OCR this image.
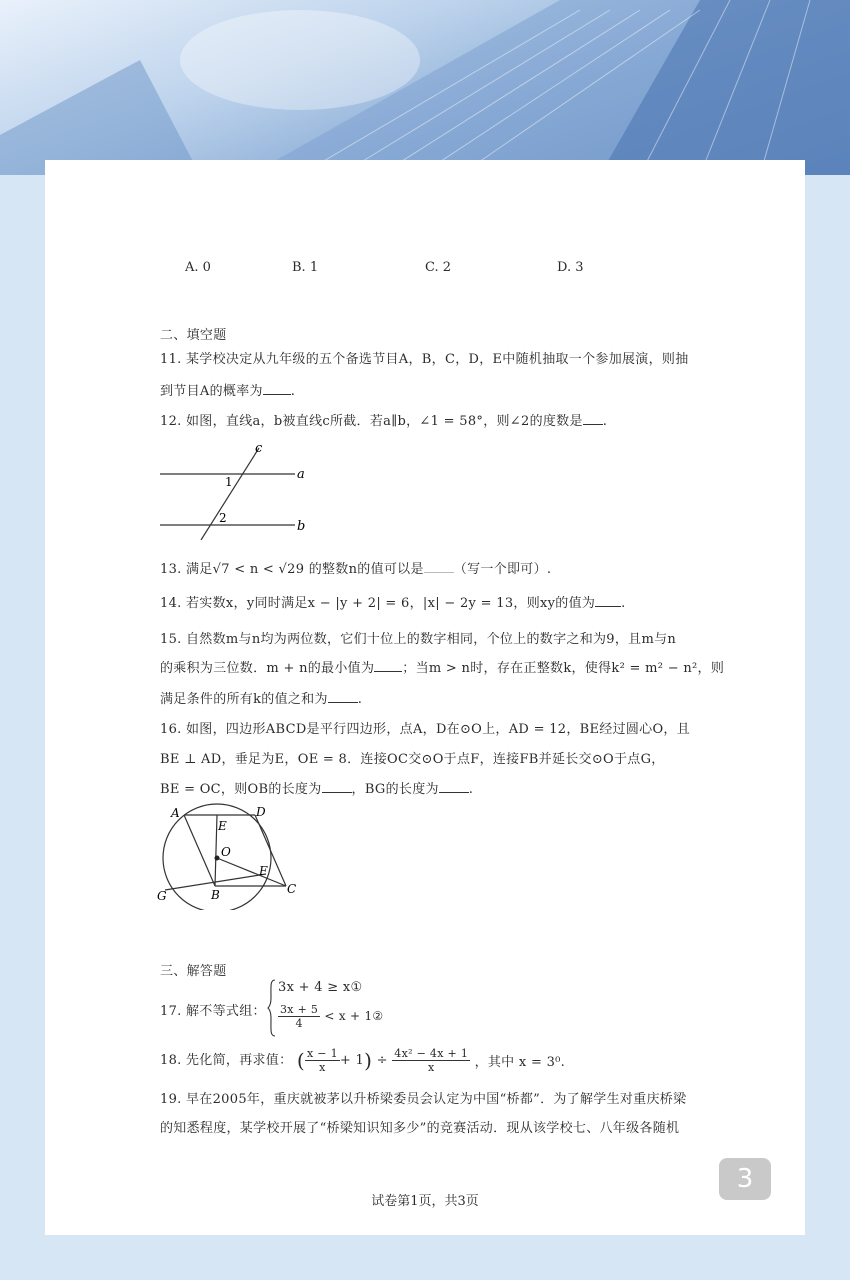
A. 0	B. 1	C. 2	D. 3
二、填空题
11. 某学校决定从九年级的五个备选节目A，B，C，D，E中随机抽取一个参加展演，则抽
到节目A的概率为 .
12. 如图，直线a，b被直线c所截．若a∥b，∠1 = 58°，则∠2的度数是 .
c
a
b
1
2
13. 满足√7 < n < √29 的整数n的值可以是 （写一个即可）.
14. 若实数x，y同时满足x − |y + 2| = 6，|x| − 2y = 13，则xy的值为 .
15. 自然数m与n均为两位数，它们十位上的数字相同，个位上的数字之和为9，且m与n
的乘积为三位数．m + n的最小值为 ；当m > n时，存在正整数k，使得k² = m² − n²，则
满足条件的所有k的值之和为 .
16. 如图，四边形ABCD是平行四边形，点A，D在⊙O上，AD = 12，BE经过圆心O，且
BE ⊥ AD，垂足为E，OE = 8．连接OC交⊙O于点F，连接FB并延长交⊙O于点G，
BE = OC，则OB的长度为 ，BG的长度为 .
A	D
E
O
F
C
B
G
三、解答题
17. 解不等式组：
3x + 4 ≥ x①
$\frac{3x + 5}{4} < x$ + 1②
18. 先化简，再求值： ( $\frac{x - 1}{x} + 1) \div \frac{\text{4x² − 4x + 1}}{x}$ ，其中 x = 3⁰.
19. 早在2005年，重庆就被茅以升桥梁委员会认定为中国“桥都”．为了解学生对重庆桥梁
的知悉程度，某学校开展了“桥梁知识知多少”的竞赛活动．现从该学校七、八年级各随机
试卷第1页，共3页
3
